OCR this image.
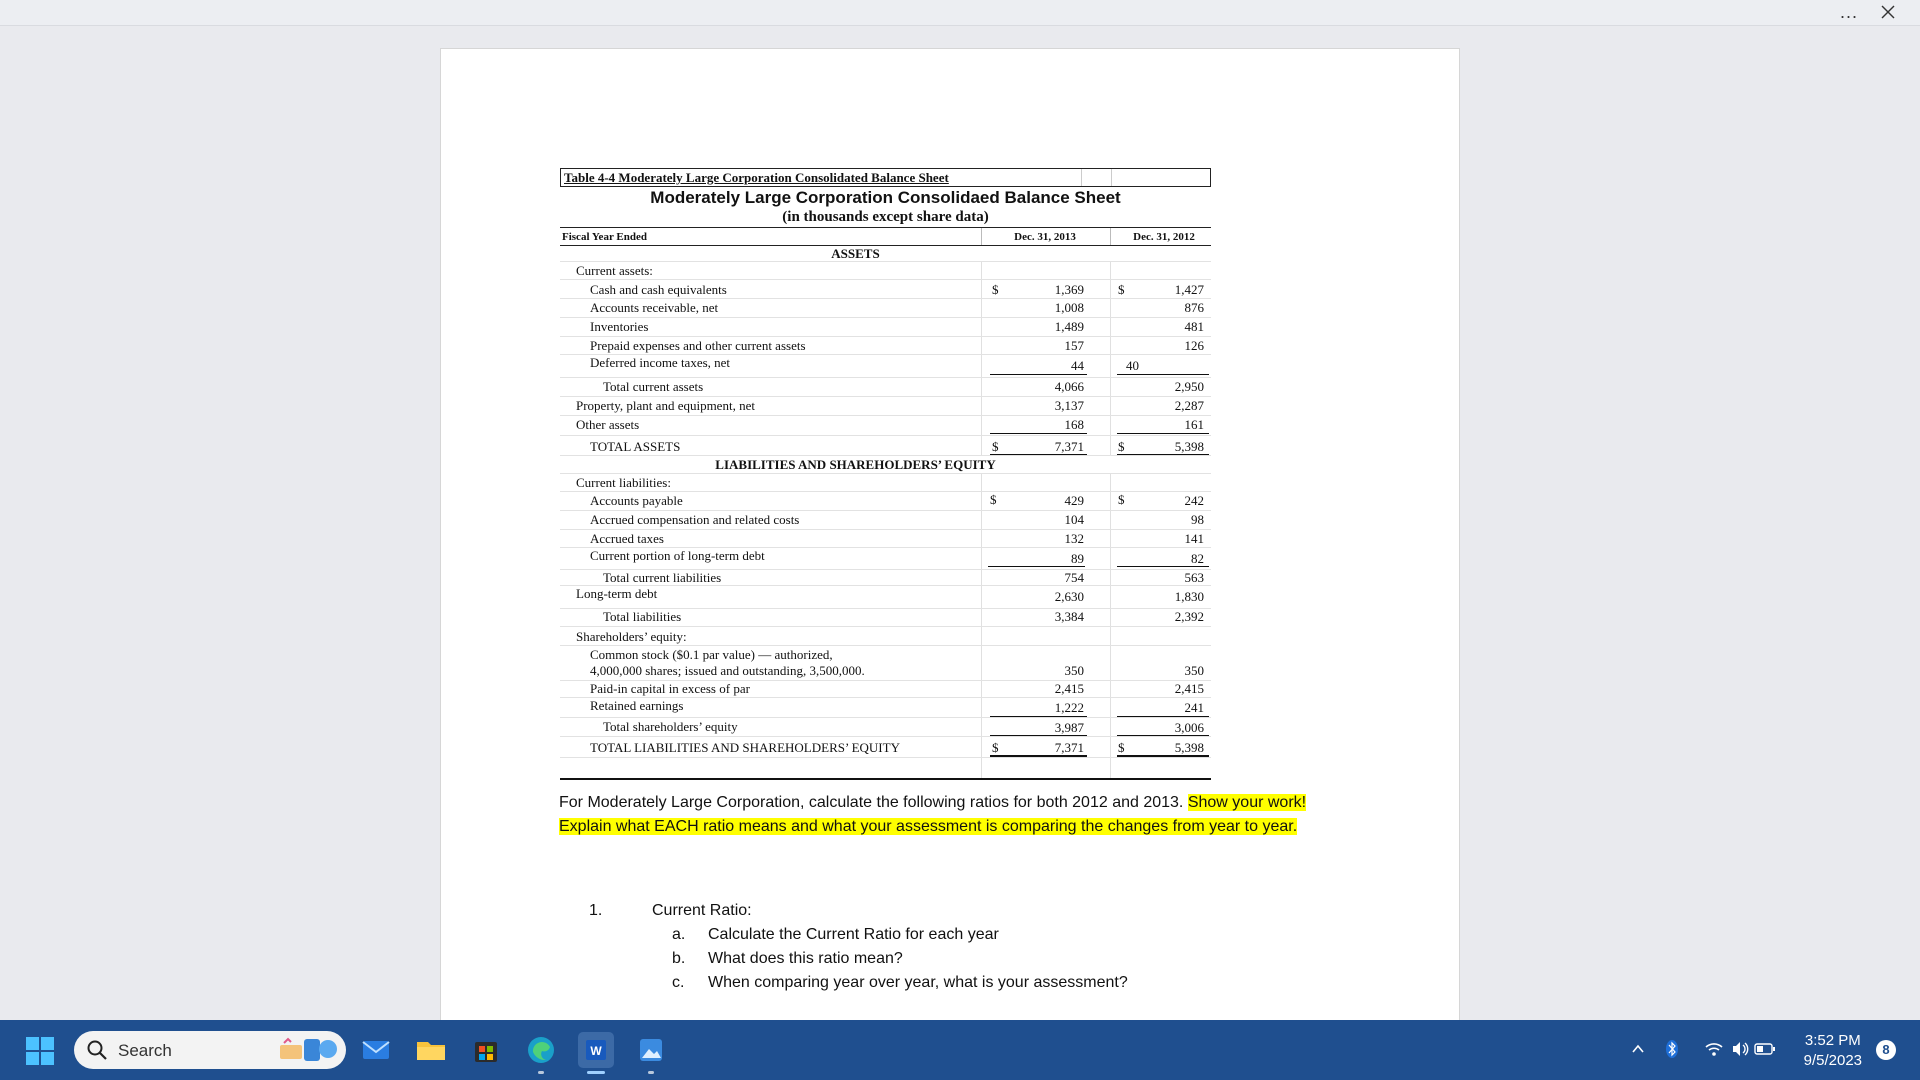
...
Table 4-4 Moderately Large Corporation Consolidated Balance Sheet
Moderately Large Corporation Consolidaed Balance Sheet
(in thousands except share data)
Fiscal Year Ended	Dec. 31, 2013	Dec. 31, 2012
ASSETS
Current assets:
Cash and cash equivalents	$	1,369	$	1,427
Accounts receivable, net	1,008	876
Inventories	1,489	481
Prepaid expenses and other current assets	157	126
Deferred income taxes, net	44	40
Total current assets	4,066	2,950
Property, plant and equipment, net	3,137	2,287
Other assets	168	161
TOTAL ASSETS	$	7,371	$	5,398
LIABILITIES AND SHAREHOLDERS’ EQUITY
Current liabilities:
Accounts payable	$	429	$	242
Accrued compensation and related costs	104	98
Accrued taxes	132	141
Current portion of long-term debt	89	82
Total current liabilities	754	563
Long-term debt	2,630	1,830
Total liabilities	3,384	2,392
Shareholders’ equity:
Common stock ($0.1 par value) — authorized,
4,000,000 shares; issued and outstanding, 3,500,000.	350	350
Paid-in capital in excess of par	2,415	2,415
Retained earnings	1,222	241
Total shareholders’ equity	3,987	3,006
TOTAL LIABILITIES AND SHAREHOLDERS’ EQUITY	$	7,371	$	5,398
For Moderately Large Corporation, calculate the following ratios for both 2012 and 2013. Show your work! Explain what EACH ratio means and what your assessment is comparing the changes from year to year.
1.	Current Ratio:
a. Calculate the Current Ratio for each year
b. What does this ratio mean?
c. When comparing year over year, what is your assessment?
Search	W
3:52 PM
9/5/2023
8
